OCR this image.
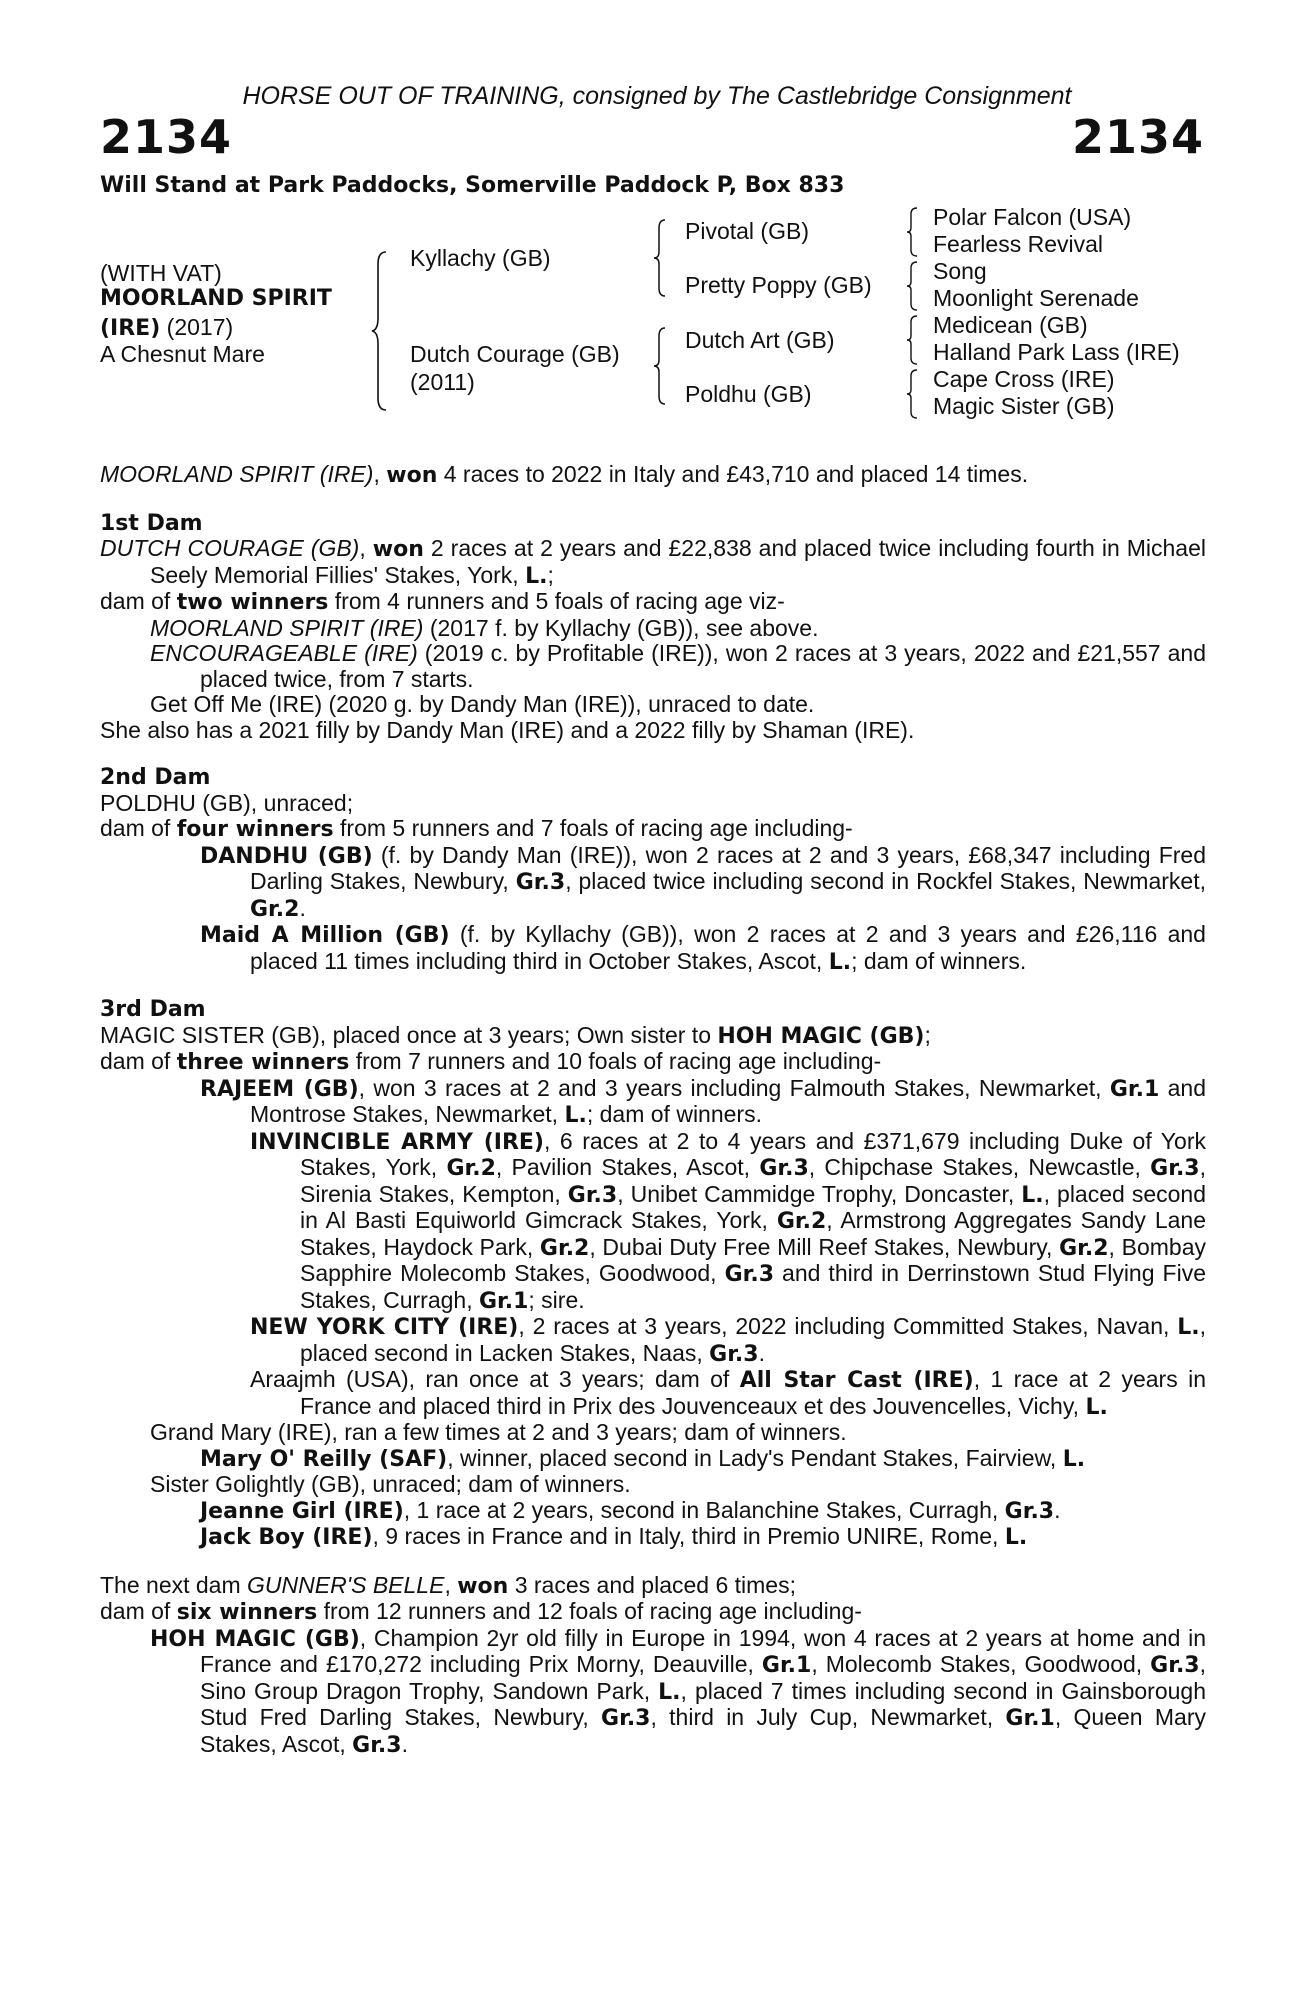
HORSE OUT OF TRAINING, consigned by The Castlebridge Consignment
2134	2134
Will Stand at Park Paddocks, Somerville Paddock P, Box 833
(WITH VAT)
MOORLAND SPIRIT
(IRE) (2017)
A Chesnut Mare
Kyllachy (GB)
Dutch Courage (GB)
(2011)
Pivotal (GB)
Pretty Poppy (GB)
Dutch Art (GB)
Poldhu (GB)
Polar Falcon (USA)
Fearless Revival
Song
Moonlight Serenade
Medicean (GB)
Halland Park Lass (IRE)
Cape Cross (IRE)
Magic Sister (GB)

MOORLAND SPIRIT (IRE), won 4 races to 2022 in Italy and £43,710 and placed 14 times.

1st Dam

DUTCH COURAGE (GB), won 2 races at 2 years and £22,838 and placed twice including fourth in Michael Seely Memorial Fillies' Stakes, York, L.;

dam of two winners from 4 runners and 5 foals of racing age viz-

MOORLAND SPIRIT (IRE) (2017 f. by Kyllachy (GB)), see above.

ENCOURAGEABLE (IRE) (2019 c. by Profitable (IRE)), won 2 races at 3 years, 2022 and £21,557 and placed twice, from 7 starts.

Get Off Me (IRE) (2020 g. by Dandy Man (IRE)), unraced to date.

She also has a 2021 filly by Dandy Man (IRE) and a 2022 filly by Shaman (IRE).

2nd Dam

POLDHU (GB), unraced;

dam of four winners from 5 runners and 7 foals of racing age including-

DANDHU (GB) (f. by Dandy Man (IRE)), won 2 races at 2 and 3 years, £68,347 including Fred Darling Stakes, Newbury, Gr.3, placed twice including second in Rockfel Stakes, Newmarket, Gr.2.

Maid A Million (GB) (f. by Kyllachy (GB)), won 2 races at 2 and 3 years and £26,116 and placed 11 times including third in October Stakes, Ascot, L.; dam of winners.

3rd Dam

MAGIC SISTER (GB), placed once at 3 years; Own sister to HOH MAGIC (GB);

dam of three winners from 7 runners and 10 foals of racing age including-

RAJEEM (GB), won 3 races at 2 and 3 years including Falmouth Stakes, Newmarket, Gr.1 and Montrose Stakes, Newmarket, L.; dam of winners.

INVINCIBLE ARMY (IRE), 6 races at 2 to 4 years and £371,679 including Duke of York Stakes, York, Gr.2, Pavilion Stakes, Ascot, Gr.3, Chipchase Stakes, Newcastle, Gr.3, Sirenia Stakes, Kempton, Gr.3, Unibet Cammidge Trophy, Doncaster, L., placed second in Al Basti Equiworld Gimcrack Stakes, York, Gr.2, Armstrong Aggregates Sandy Lane Stakes, Haydock Park, Gr.2, Dubai Duty Free Mill Reef Stakes, Newbury, Gr.2, Bombay Sapphire Molecomb Stakes, Goodwood, Gr.3 and third in Derrinstown Stud Flying Five Stakes, Curragh, Gr.1; sire.

NEW YORK CITY (IRE), 2 races at 3 years, 2022 including Committed Stakes, Navan, L., placed second in Lacken Stakes, Naas, Gr.3.

Araajmh (USA), ran once at 3 years; dam of All Star Cast (IRE), 1 race at 2 years in France and placed third in Prix des Jouvenceaux et des Jouvencelles, Vichy, L.

Grand Mary (IRE), ran a few times at 2 and 3 years; dam of winners.

Mary O' Reilly (SAF), winner, placed second in Lady's Pendant Stakes, Fairview, L.

Sister Golightly (GB), unraced; dam of winners.

Jeanne Girl (IRE), 1 race at 2 years, second in Balanchine Stakes, Curragh, Gr.3.

Jack Boy (IRE), 9 races in France and in Italy, third in Premio UNIRE, Rome, L.

The next dam GUNNER'S BELLE, won 3 races and placed 6 times;

dam of six winners from 12 runners and 12 foals of racing age including-

HOH MAGIC (GB), Champion 2yr old filly in Europe in 1994, won 4 races at 2 years at home and in France and £170,272 including Prix Morny, Deauville, Gr.1, Molecomb Stakes, Goodwood, Gr.3, Sino Group Dragon Trophy, Sandown Park, L., placed 7 times including second in Gainsborough Stud Fred Darling Stakes, Newbury, Gr.3, third in July Cup, Newmarket, Gr.1, Queen Mary Stakes, Ascot, Gr.3.
